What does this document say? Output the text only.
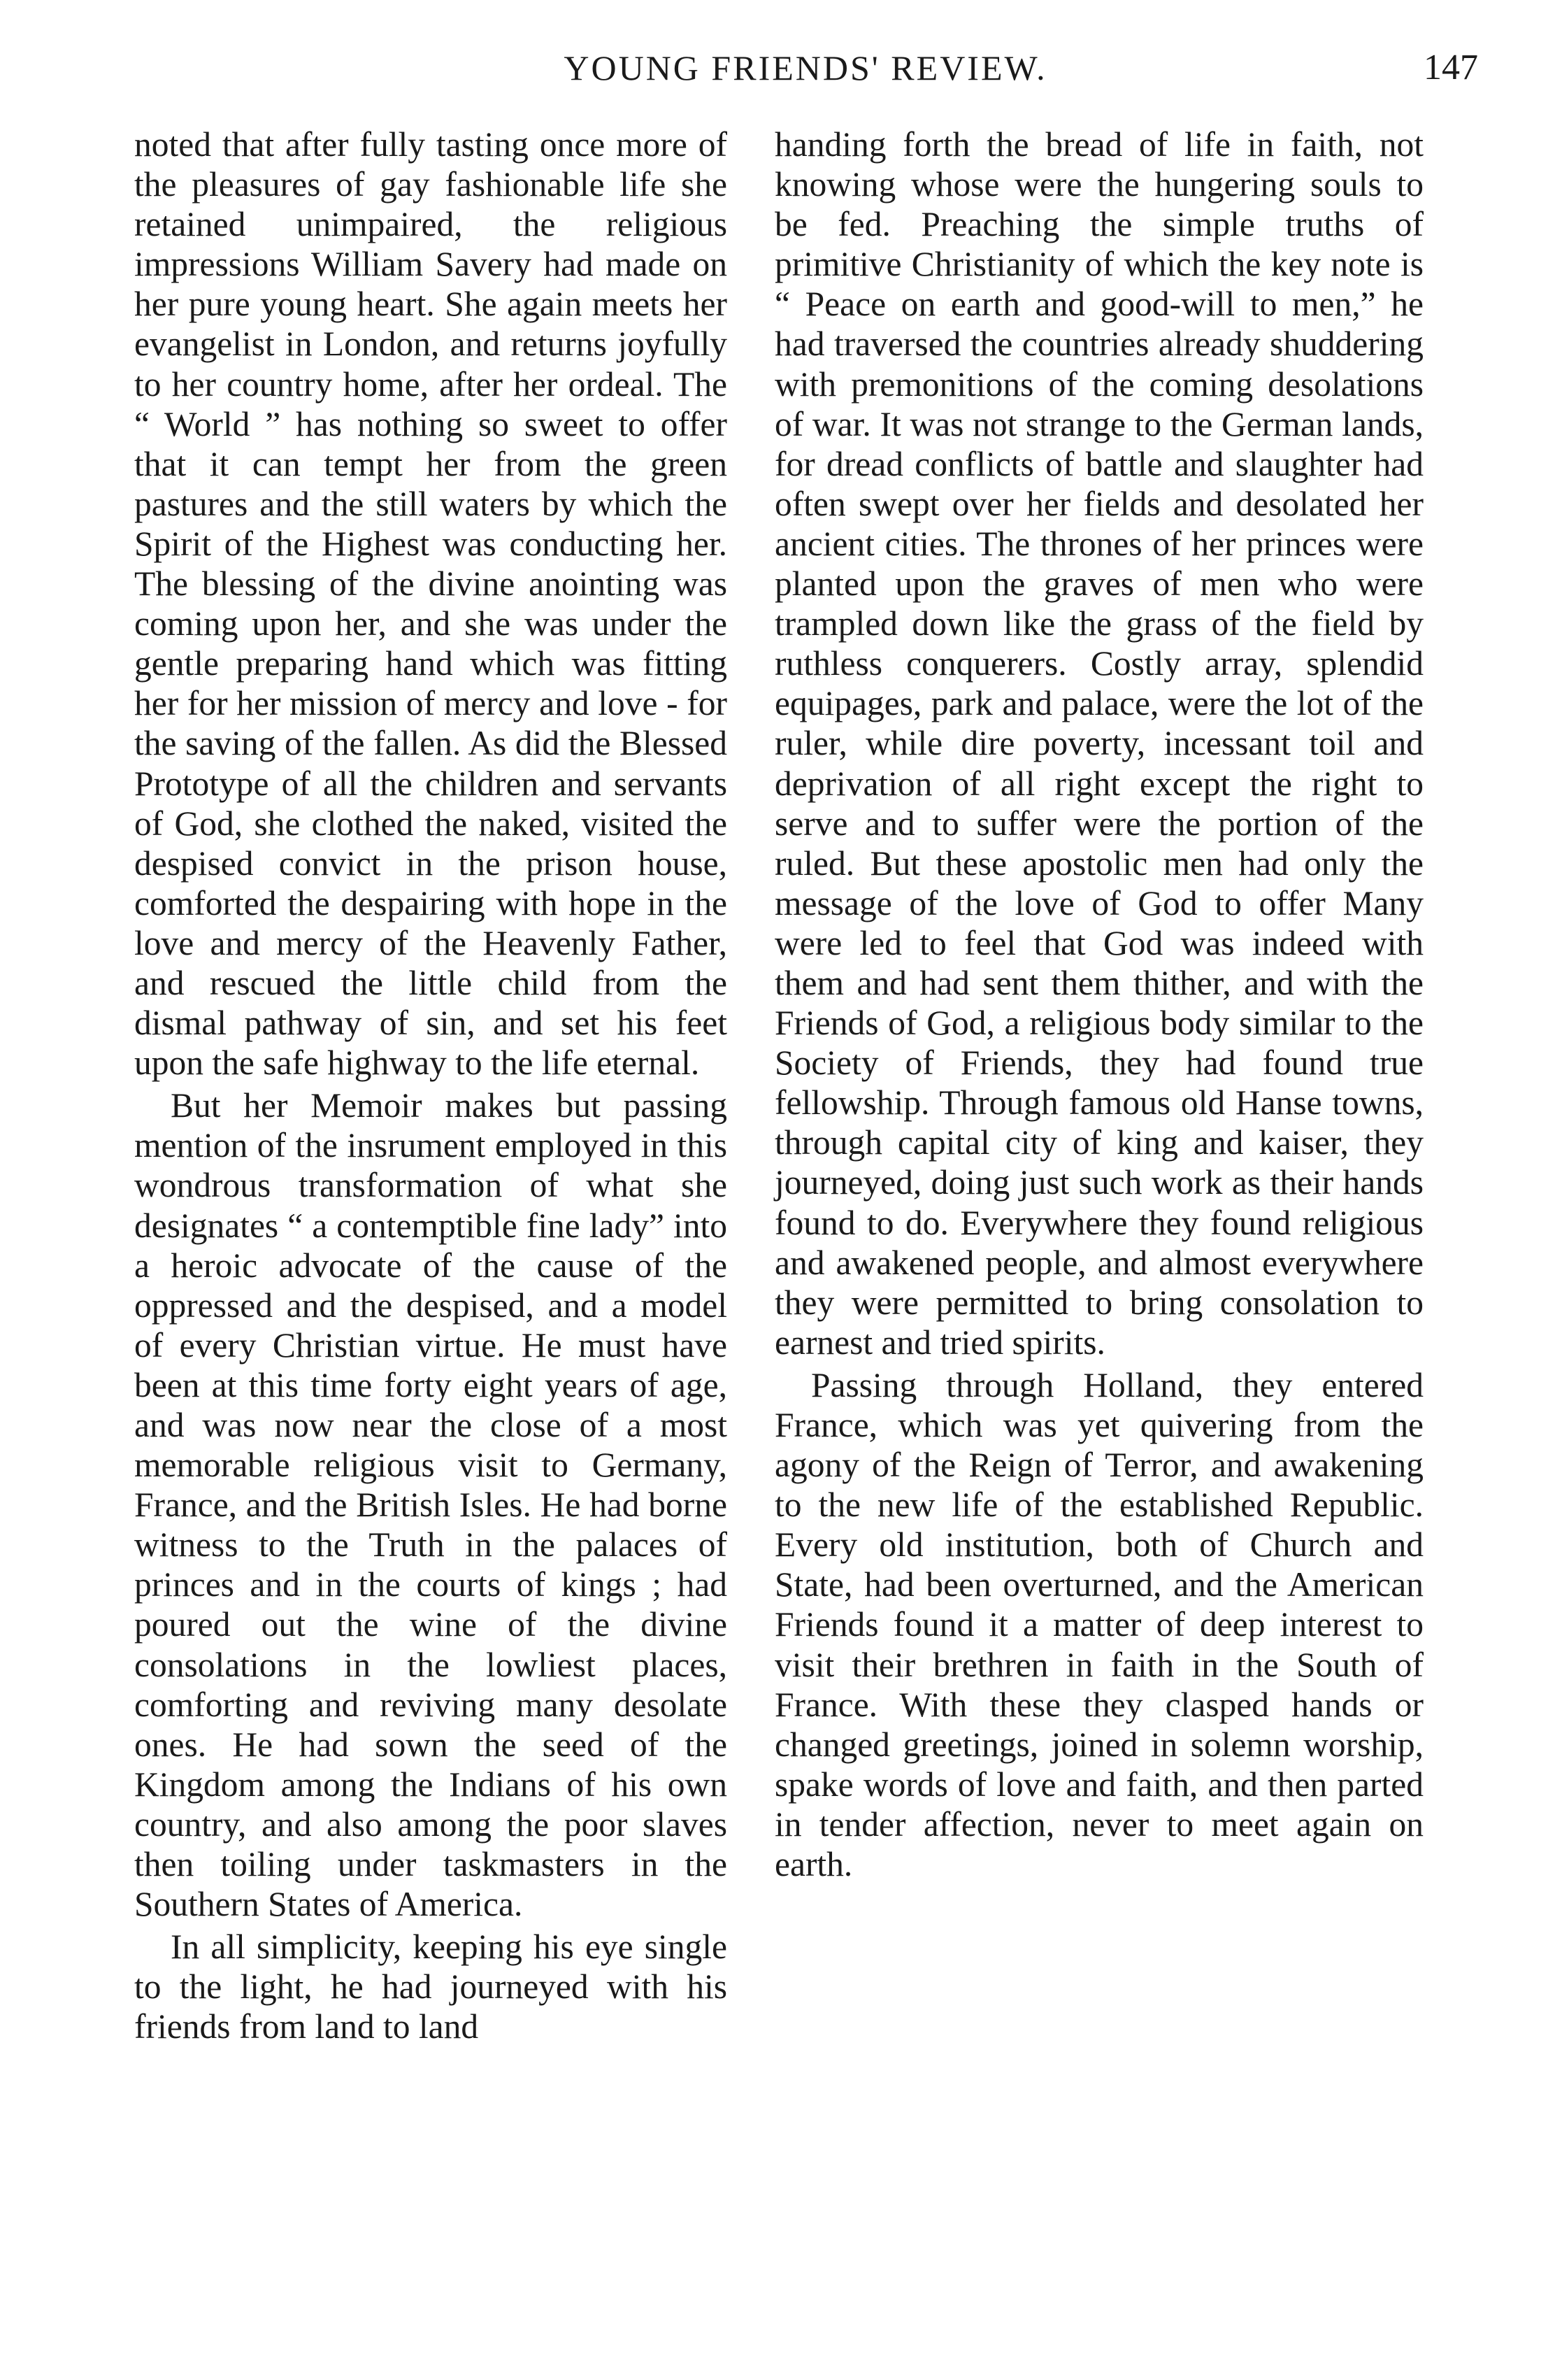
YOUNG FRIENDS' REVIEW.	147

noted that after fully tasting once more of the pleasures of gay fashionable life she retained unimpaired, the religious impressions William Savery had made on her pure young heart. She again meets her evangelist in London, and returns joyfully to her country home, after her ordeal. The “ World ” has nothing so sweet to offer that it can tempt her from the green pastures and the still waters by which the Spirit of the Highest was conducting her. The blessing of the divine anointing was coming upon her, and she was under the gentle preparing hand which was fitting her for her mission of mercy and love - for the saving of the fallen. As did the Blessed Prototype of all the children and servants of God, she clothed the naked, visited the despised convict in the prison house, comforted the despairing with hope in the love and mercy of the Heavenly Father, and rescued the little child from the dismal pathway of sin, and set his feet upon the safe highway to the life eternal.

But her Memoir makes but passing mention of the insrument employed in this wondrous transformation of what she designates “ a contemptible fine lady” into a heroic advocate of the cause of the oppressed and the despised, and a model of every Christian virtue. He must have been at this time forty eight years of age, and was now near the close of a most memorable religious visit to Germany, France, and the British Isles. He had borne witness to the Truth in the palaces of princes and in the courts of kings ; had poured out the wine of the divine consolations in the lowliest places, comforting and reviving many desolate ones. He had sown the seed of the Kingdom among the Indians of his own country, and also among the poor slaves then toiling under taskmasters in the Southern States of America.

In all simplicity, keeping his eye single to the light, he had journeyed with his friends from land to land

handing forth the bread of life in faith, not knowing whose were the hungering souls to be fed. Preaching the simple truths of primitive Christianity of which the key note is “ Peace on earth and good-will to men,” he had traversed the countries already shuddering with premonitions of the coming desolations of war. It was not strange to the German lands, for dread conflicts of battle and slaughter had often swept over her fields and desolated her ancient cities. The thrones of her princes were planted upon the graves of men who were trampled down like the grass of the field by ruthless conquerers. Costly array, splendid equipages, park and palace, were the lot of the ruler, while dire poverty, incessant toil and deprivation of all right except the right to serve and to suffer were the portion of the ruled. But these apostolic men had only the message of the love of God to offer Many were led to feel that God was indeed with them and had sent them thither, and with the Friends of God, a religious body similar to the Society of Friends, they had found true fellowship. Through famous old Hanse towns, through capital city of king and kaiser, they journeyed, doing just such work as their hands found to do. Everywhere they found religious and awakened people, and almost everywhere they were permitted to bring consolation to earnest and tried spirits.

Passing through Holland, they entered France, which was yet quivering from the agony of the Reign of Terror, and awakening to the new life of the established Republic. Every old institution, both of Church and State, had been overturned, and the American Friends found it a matter of deep interest to visit their brethren in faith in the South of France. With these they clasped hands or changed greetings, joined in solemn worship, spake words of love and faith, and then parted in tender affection, never to meet again on earth.
